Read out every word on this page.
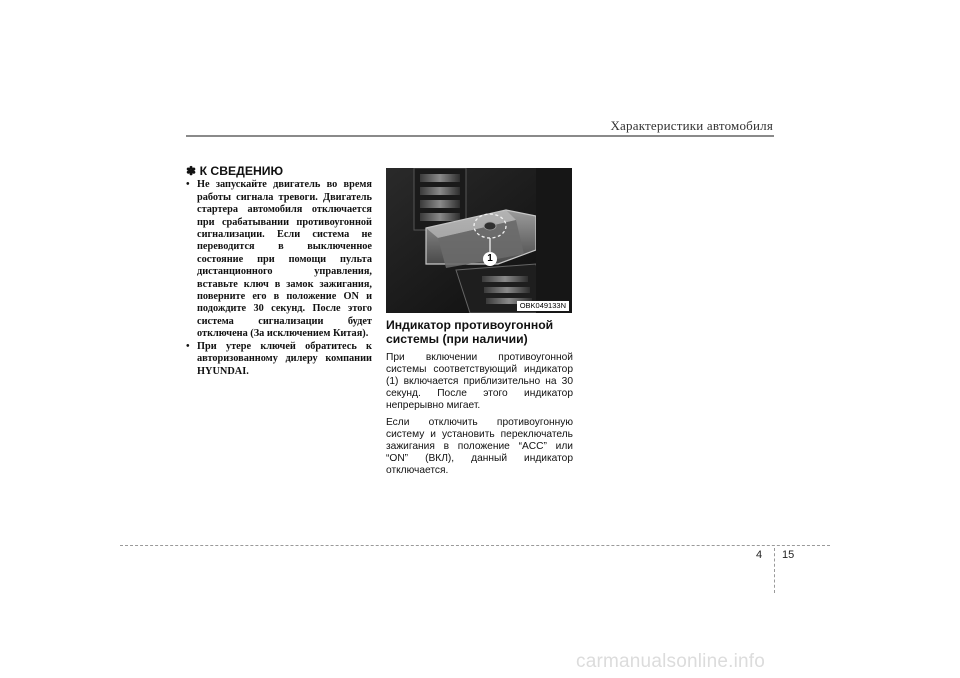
Характеристики автомобиля
✽ К СВЕДЕНИЮ
• Не запускайте двигатель во время работы сигнала тревоги. Двигатель стартера автомобиля отключается при срабатывании противоугонной сигнализации. Если система не переводится в выключенное состояние при помощи пульта дистанционного управления, вставьте ключ в замок зажигания, поверните его в положение ON и подождите 30 секунд. После этого система сигнализации будет отключена (За исключением Китая).
• При утере ключей обратитесь к авторизованному дилеру компании HYUNDAI.
1
OBK049133N
Индикатор противоугонной системы (при наличии)

При включении противоугонной системы соответствующий индикатор (1) включается приблизительно на 30 секунд. После этого индикатор непрерывно мигает.

Если отключить противоугонную систему и установить переключатель зажигания в положение “ACC” или “ON” (ВКЛ), данный индикатор отключается.

4 15
carmanualsonline.info
